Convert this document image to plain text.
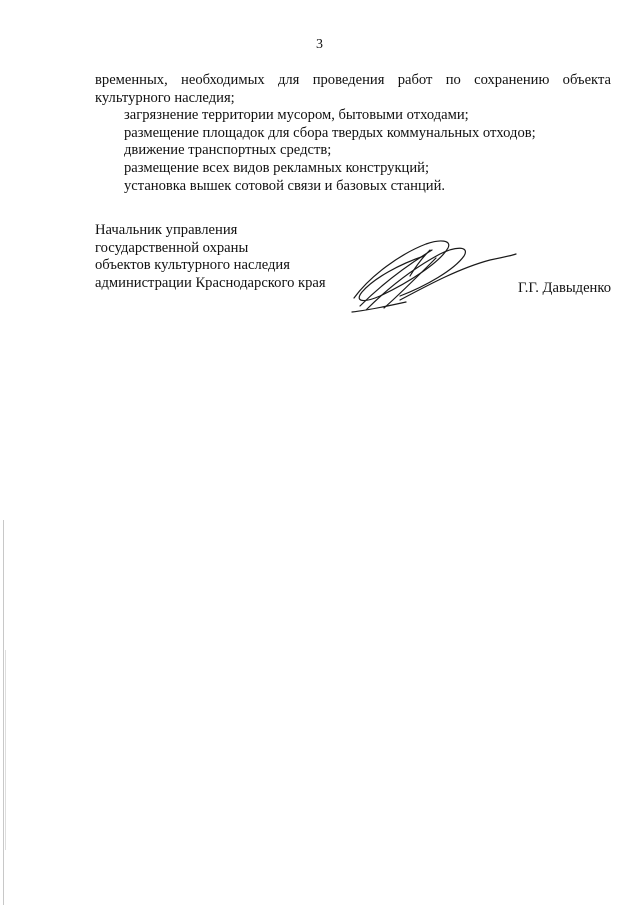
3
временных, необходимых для проведения работ по сохранению объекта
культурного наследия;
загрязнение территории мусором, бытовыми отходами;
размещение площадок для сбора твердых коммунальных отходов;
движение транспортных средств;
размещение всех видов рекламных конструкций;
установка вышек сотовой связи и базовых станций.
Начальник управления
государственной охраны
объектов культурного наследия
администрации Краснодарского края	Г.Г. Давыденко
